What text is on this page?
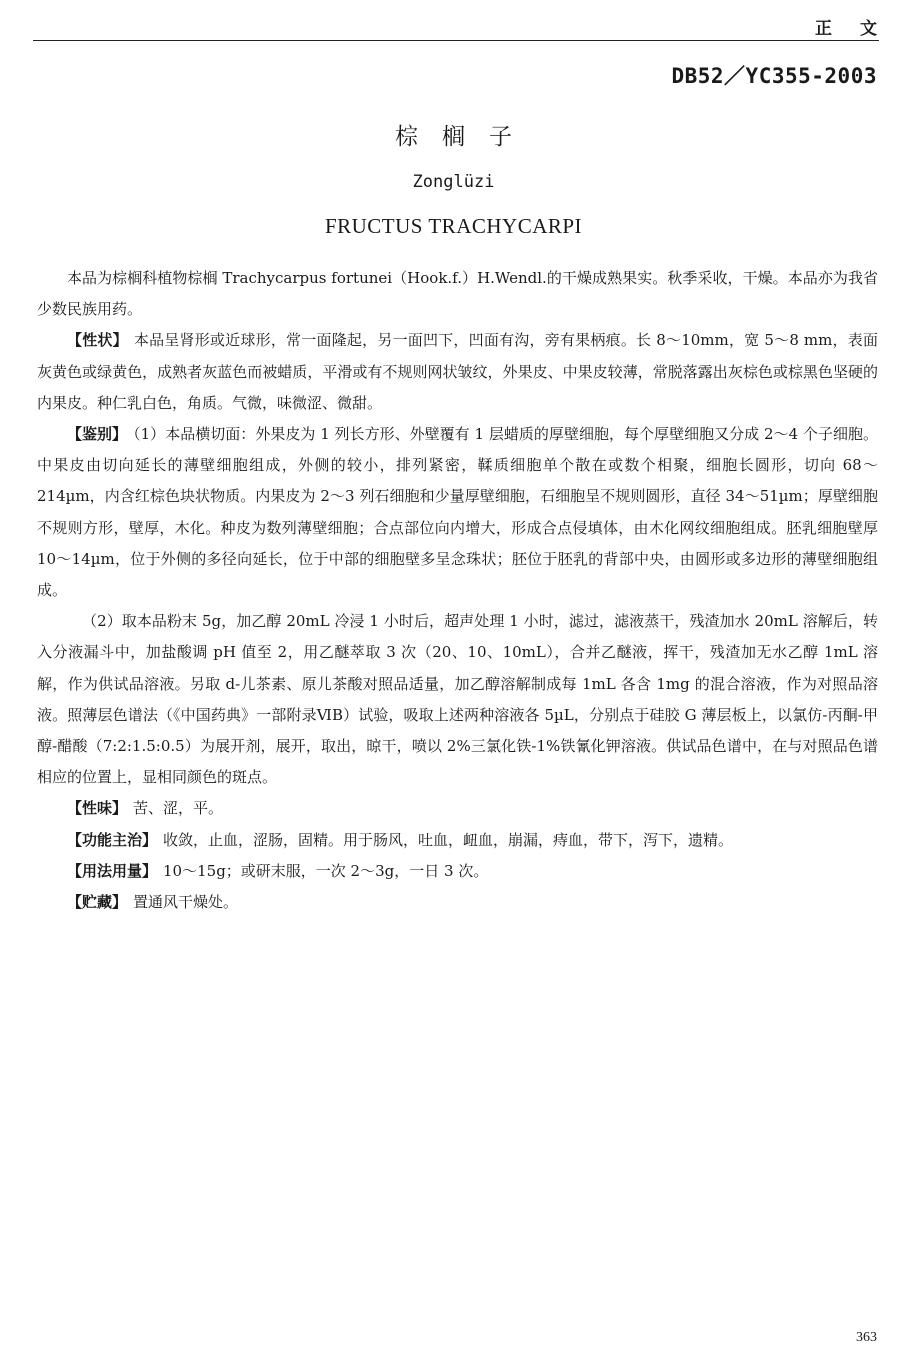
正文
DB52／YC355-2003
棕榈子
Zonglüzi
FRUCTUS TRACHYCARPI

本品为棕榈科植物棕榈 Trachycarpus fortunei（Hook.f.）H.Wendl.的干燥成熟果实。秋季采收，干燥。本品亦为我省少数民族用药。

【性状】 本品呈肾形或近球形，常一面隆起，另一面凹下，凹面有沟，旁有果柄痕。长 8～10mm，宽 5～8 mm，表面灰黄色或绿黄色，成熟者灰蓝色而被蜡质，平滑或有不规则网状皱纹，外果皮、中果皮较薄，常脱落露出灰棕色或棕黑色坚硬的内果皮。种仁乳白色，角质。气微，味微涩、微甜。

【鉴别】 （1）本品横切面：外果皮为 1 列长方形、外壁覆有 1 层蜡质的厚壁细胞，每个厚壁细胞又分成 2～4 个子细胞。中果皮由切向延长的薄壁细胞组成，外侧的较小，排列紧密，鞣质细胞单个散在或数个相聚，细胞长圆形，切向 68～214µm，内含红棕色块状物质。内果皮为 2～3 列石细胞和少量厚壁细胞，石细胞呈不规则圆形，直径 34～51µm；厚壁细胞不规则方形，壁厚，木化。种皮为数列薄壁细胞；合点部位向内增大，形成合点侵填体，由木化网纹细胞组成。胚乳细胞壁厚 10～14µm，位于外侧的多径向延长，位于中部的细胞壁多呈念珠状；胚位于胚乳的背部中央，由圆形或多边形的薄壁细胞组成。

（2）取本品粉末 5g，加乙醇 20mL 冷浸 1 小时后，超声处理 1 小时，滤过，滤液蒸干，残渣加水 20mL 溶解后，转入分液漏斗中，加盐酸调 pH 值至 2，用乙醚萃取 3 次（20、10、10mL），合并乙醚液，挥干，残渣加无水乙醇 1mL 溶解，作为供试品溶液。另取 d-儿茶素、原儿茶酸对照品适量，加乙醇溶解制成每 1mL 各含 1mg 的混合溶液，作为对照品溶液。照薄层色谱法（《中国药典》一部附录ⅥB）试验，吸取上述两种溶液各 5µL，分别点于硅胶 G 薄层板上，以氯仿-丙酮-甲醇-醋酸（7:2:1.5:0.5）为展开剂，展开，取出，晾干，喷以 2%三氯化铁-1%铁氰化钾溶液。供试品色谱中，在与对照品色谱相应的位置上，显相同颜色的斑点。

【性味】 苦、涩，平。

【功能主治】 收敛，止血，涩肠，固精。用于肠风，吐血，衄血，崩漏，痔血，带下，泻下，遗精。

【用法用量】 10～15g；或研末服，一次 2～3g，一日 3 次。

【贮藏】 置通风干燥处。

363
